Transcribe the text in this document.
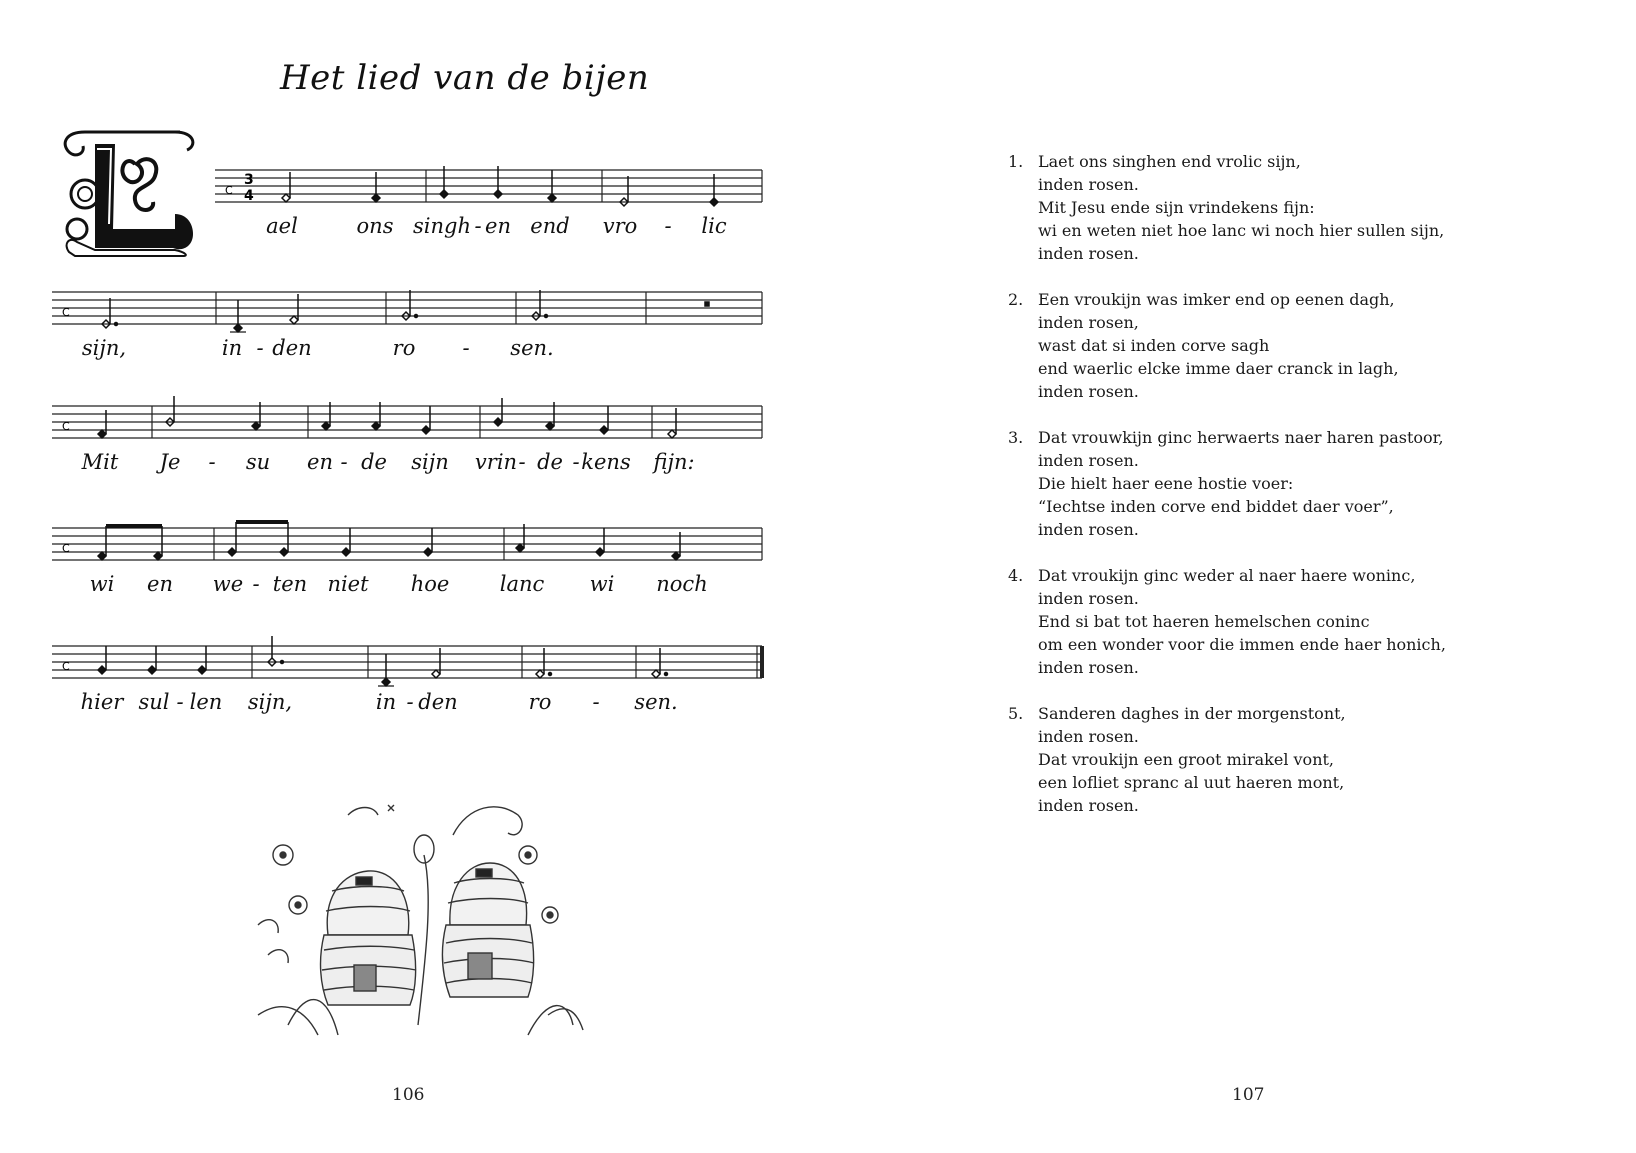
Het lied van de bijen
C
3
4
ael	ons singh - en end vro - lic
C
sijn,	in - den	ro - sen.
C
Mit Je - su en - de sijn vrin - de - kens fijn:
C
wi en we - ten niet hoe lanc wi noch
C
hier sul - len sijn,	in - den	ro - sen.
106
1. Laet ons singhen end vrolic sijn,
inden rosen.
Mit Jesu ende sijn vrindekens fijn:
wi en weten niet hoe lanc wi noch hier sullen sijn,
inden rosen.
2. Een vroukijn was imker end op eenen dagh,
inden rosen,
wast dat si inden corve sagh
end waerlic elcke imme daer cranck in lagh,
inden rosen.
3. Dat vrouwkijn ginc herwaerts naer haren pastoor,
inden rosen.
Die hielt haer eene hostie voer:
“Iechtse inden corve end biddet daer voer”,
inden rosen.
4. Dat vroukijn ginc weder al naer haere woninc,
inden rosen.
End si bat tot haeren hemelschen coninc
om een wonder voor die immen ende haer honich,
inden rosen.
5. Sanderen daghes in der morgenstont,
inden rosen.
Dat vroukijn een groot mirakel vont,
een lofliet spranc al uut haeren mont,
inden rosen.
107
